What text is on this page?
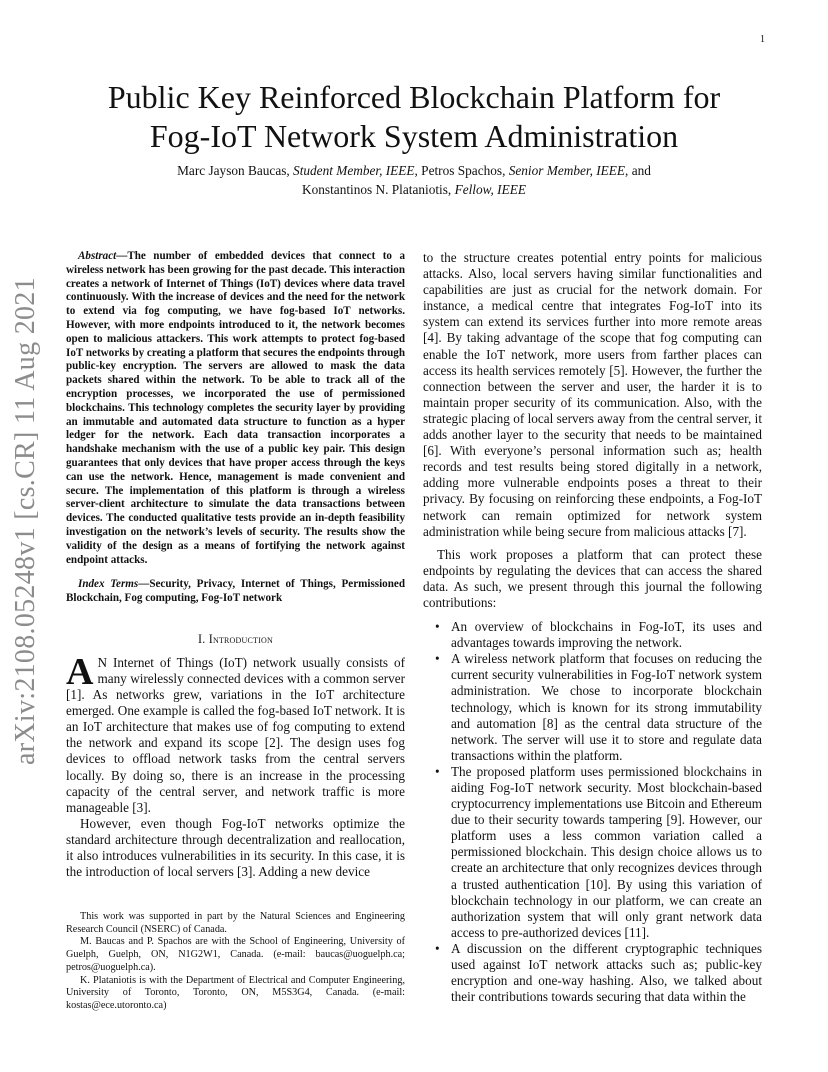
1
arXiv:2108.05248v1 [cs.CR] 11 Aug 2021
Public Key Reinforced Blockchain Platform for
Fog-IoT Network System Administration
Marc Jayson Baucas, Student Member, IEEE, Petros Spachos, Senior Member, IEEE, and
Konstantinos N. Plataniotis, Fellow, IEEE

Abstract—The number of embedded devices that connect to a wireless network has been growing for the past decade. This interaction creates a network of Internet of Things (IoT) devices where data travel continuously. With the increase of devices and the need for the network to extend via fog computing, we have fog-based IoT networks. However, with more endpoints introduced to it, the network becomes open to malicious attackers. This work attempts to protect fog-based IoT networks by creating a platform that secures the endpoints through public-key encryption. The servers are allowed to mask the data packets shared within the network. To be able to track all of the encryption processes, we incorporated the use of permissioned blockchains. This technology completes the security layer by providing an immutable and automated data structure to function as a hyper ledger for the network. Each data transaction incorporates a handshake mechanism with the use of a public key pair. This design guarantees that only devices that have proper access through the keys can use the network. Hence, management is made convenient and secure. The implementation of this platform is through a wireless server-client architecture to simulate the data transactions between devices. The conducted qualitative tests provide an in-depth feasibility investigation on the network’s levels of security. The results show the validity of the design as a means of fortifying the network against endpoint attacks.

Index Terms—Security, Privacy, Internet of Things, Permissioned Blockchain, Fog computing, Fog-IoT network

I. Introduction

A N Internet of Things (IoT) network usually consists of many wirelessly connected devices with a common server [1]. As networks grew, variations in the IoT architecture emerged. One example is called the fog-based IoT network. It is an IoT architecture that makes use of fog computing to extend the network and expand its scope [2]. The design uses fog devices to offload network tasks from the central servers locally. By doing so, there is an increase in the processing capacity of the central server, and network traffic is more manageable [3].

However, even though Fog-IoT networks optimize the standard architecture through decentralization and reallocation, it also introduces vulnerabilities in its security. In this case, it is the introduction of local servers [3]. Adding a new device

This work was supported in part by the Natural Sciences and Engineering Research Council (NSERC) of Canada.

M. Baucas and P. Spachos are with the School of Engineering, University of Guelph, Guelph, ON, N1G2W1, Canada. (e-mail: baucas@uoguelph.ca; petros@uoguelph.ca).

K. Plataniotis is with the Department of Electrical and Computer Engineering, University of Toronto, Toronto, ON, M5S3G4, Canada. (e-mail: kostas@ece.utoronto.ca)

to the structure creates potential entry points for malicious attacks. Also, local servers having similar functionalities and capabilities are just as crucial for the network domain. For instance, a medical centre that integrates Fog-IoT into its system can extend its services further into more remote areas [4]. By taking advantage of the scope that fog computing can enable the IoT network, more users from farther places can access its health services remotely [5]. However, the further the connection between the server and user, the harder it is to maintain proper security of its communication. Also, with the strategic placing of local servers away from the central server, it adds another layer to the security that needs to be maintained [6]. With everyone’s personal information such as; health records and test results being stored digitally in a network, adding more vulnerable endpoints poses a threat to their privacy. By focusing on reinforcing these endpoints, a Fog-IoT network can remain optimized for network system administration while being secure from malicious attacks [7].

This work proposes a platform that can protect these endpoints by regulating the devices that can access the shared data. As such, we present through this journal the following contributions:

• An overview of blockchains in Fog-IoT, its uses and advantages towards improving the network.
• A wireless network platform that focuses on reducing the current security vulnerabilities in Fog-IoT network system administration. We chose to incorporate blockchain technology, which is known for its strong immutability and automation [8] as the central data structure of the network. The server will use it to store and regulate data transactions within the platform.
• The proposed platform uses permissioned blockchains in aiding Fog-IoT network security. Most blockchain-based cryptocurrency implementations use Bitcoin and Ethereum due to their security towards tampering [9]. However, our platform uses a less common variation called a permissioned blockchain. This design choice allows us to create an architecture that only recognizes devices through a trusted authentication [10]. By using this variation of blockchain technology in our platform, we can create an authorization system that will only grant network data access to pre-authorized devices [11].
• A discussion on the different cryptographic techniques used against IoT network attacks such as; public-key encryption and one-way hashing. Also, we talked about their contributions towards securing that data within the
